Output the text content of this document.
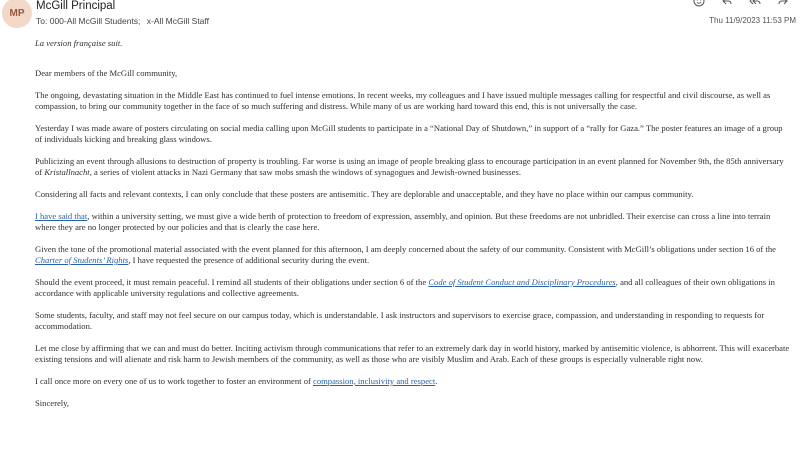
MP
McGill Principal
To: 000-All McGill Students; x-All McGill Staff	Thu 11/9/2023 11:53 PM

La version française suit.

Dear members of the McGill community,

The ongoing, devastating situation in the Middle East has continued to fuel intense emotions. In recent weeks, my colleagues and I have issued multiple messages calling for respectful and civil discourse, as well as compassion, to bring our community together in the face of so much suffering and distress. While many of us are working hard toward this end, this is not universally the case.

Yesterday I was made aware of posters circulating on social media calling upon McGill students to participate in a “National Day of Shutdown,” in support of a “rally for Gaza.” The poster features an image of a group of individuals kicking and breaking glass windows.

Publicizing an event through allusions to destruction of property is troubling. Far worse is using an image of people breaking glass to encourage participation in an event planned for November 9th, the 85th anniversary of Kristallnacht, a series of violent attacks in Nazi Germany that saw mobs smash the windows of synagogues and Jewish-owned businesses.

Considering all facts and relevant contexts, I can only conclude that these posters are antisemitic. They are deplorable and unacceptable, and they have no place within our campus community.

I have said that, within a university setting, we must give a wide berth of protection to freedom of expression, assembly, and opinion. But these freedoms are not unbridled. Their exercise can cross a line into terrain where they are no longer protected by our policies and that is clearly the case here.

Given the tone of the promotional material associated with the event planned for this afternoon, I am deeply concerned about the safety of our community. Consistent with McGill’s obligations under section 16 of the Charter of Students’ Rights, I have requested the presence of additional security during the event.

Should the event proceed, it must remain peaceful. I remind all students of their obligations under section 6 of the Code of Student Conduct and Disciplinary Procedures, and all colleagues of their own obligations in accordance with applicable university regulations and collective agreements.

Some students, faculty, and staff may not feel secure on our campus today, which is understandable. I ask instructors and supervisors to exercise grace, compassion, and understanding in responding to requests for accommodation.

Let me close by affirming that we can and must do better. Inciting activism through communications that refer to an extremely dark day in world history, marked by antisemitic violence, is abhorrent. This will exacerbate existing tensions and will alienate and risk harm to Jewish members of the community, as well as those who are visibly Muslim and Arab. Each of these groups is especially vulnerable right now.

I call once more on every one of us to work together to foster an environment of compassion, inclusivity and respect.

Sincerely,
